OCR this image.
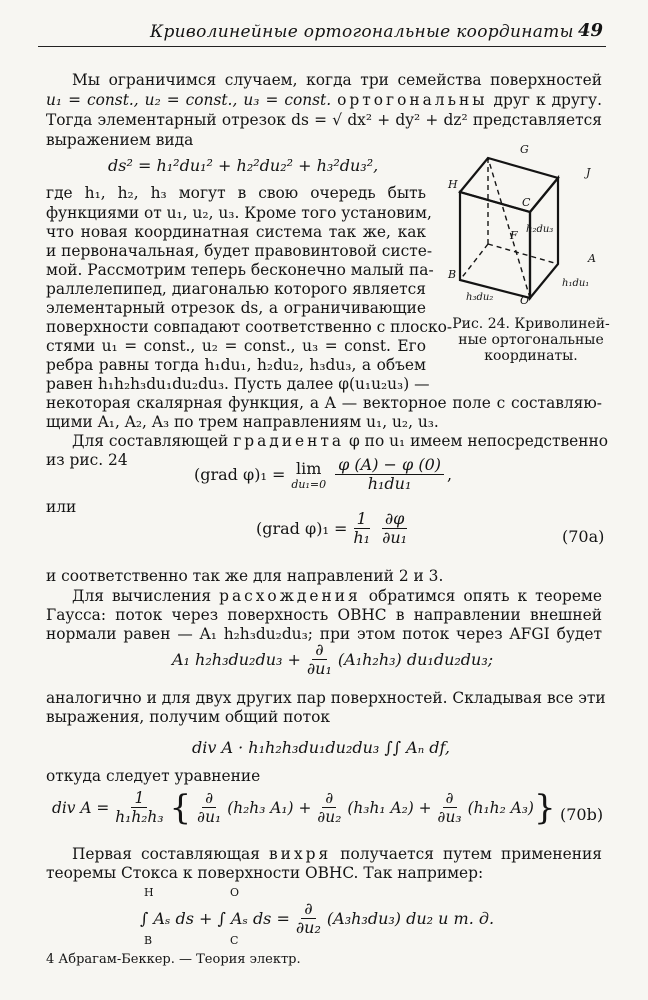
Криволинейные ортогональные координаты 49
Мы ограничимся случаем, когда три семейства поверхностей
u₁ = const., u₂ = const., u₃ = const. ортогональны друг к другу.
Тогда элементарный отрезок ds = √ dx² + dy² + dz² представляется
выражением вида
ds² = h₁²du₁² + h₂²du₂² + h₃²du₃²,
где h₁, h₂, h₃ могут в свою очередь быть
функциями от u₁, u₂, u₃. Кроме того установим,
что новая координатная система так же, как
и первоначальная, будет правовинтовой систе-
мой. Рассмотрим теперь бесконечно малый па-
раллелепипед, диагональю которого является
элементарный отрезок ds, а ограничивающие
поверхности совпадают соответственно с плоско-
стями u₁ = const., u₂ = const., u₃ = const. Его
ребра равны тогда h₁du₁, h₂du₂, h₃du₃, а объем
равен h₁h₂h₃du₁du₂du₃. Пусть далее φ(u₁u₂u₃) —
G
J
H
C
F
A
B
O
h₂du₃
h₁du₁
h₃du₂
Рис. 24. Криволиней-
ные ортогональные
координаты.
некоторая скалярная функция, а A — векторное поле с составляю-
щими A₁, A₂, A₃ по трем направлениям u₁, u₂, u₃.
Для составляющей градиента φ по u₁ имеем непосредственно
из рис. 24
(grad φ)₁ = lim
$du_1=0 \frac{\varphi (A) - \varphi (0)}{\text{h₁du₁}}$ ,
или
(grad $\varphi)_1 = \frac{1}{\text{h₁}} \frac{\partial\varphi}{\text{∂u₁}}$	(70a)
и соответственно так же для направлений 2 и 3.
Для вычисления расхождения обратимся опять к теореме
Гаусса: поток через поверхность OBHC в направлении внешней
нормали равен — A₁ h₂h₃du₂du₃; при этом поток через AFGI будет
A₁ $h_2h_3du_2du_3 + \frac{\partial}{\text{∂u₁}} (A_1h_2h_3)$ du₁du₂du₃;
аналогично и для двух других пар поверхностей. Складывая все эти
выражения, получим общий поток
div A · h₁h₂h₃du₁du₂du₃ ∫∫ Aₙ df,
откуда следует уравнение
div $A = \frac{1}{\text{h₁h₂h₃}}$ { $\frac{\partial}{\text{∂u₁}} (h_2h_3$ $A_1) + \frac{\partial}{\text{∂u₂}} (h_3h_1$ $A_2) + \frac{\partial}{\text{∂u₃}} (h_1h_2$ A₃) } (70b)
Первая составляющая вихря получается путем применения
теоремы Стокса к поверхности OBHC. Так например:
H
B
O
C
∫ Aₛ ds + ∫ Aₛ ds = $\frac{\partial}{\text{∂u₂}} (A_3h_3du_3)$ du₂ и т. д.
4 Абрагам-Беккер. — Теория электр.
